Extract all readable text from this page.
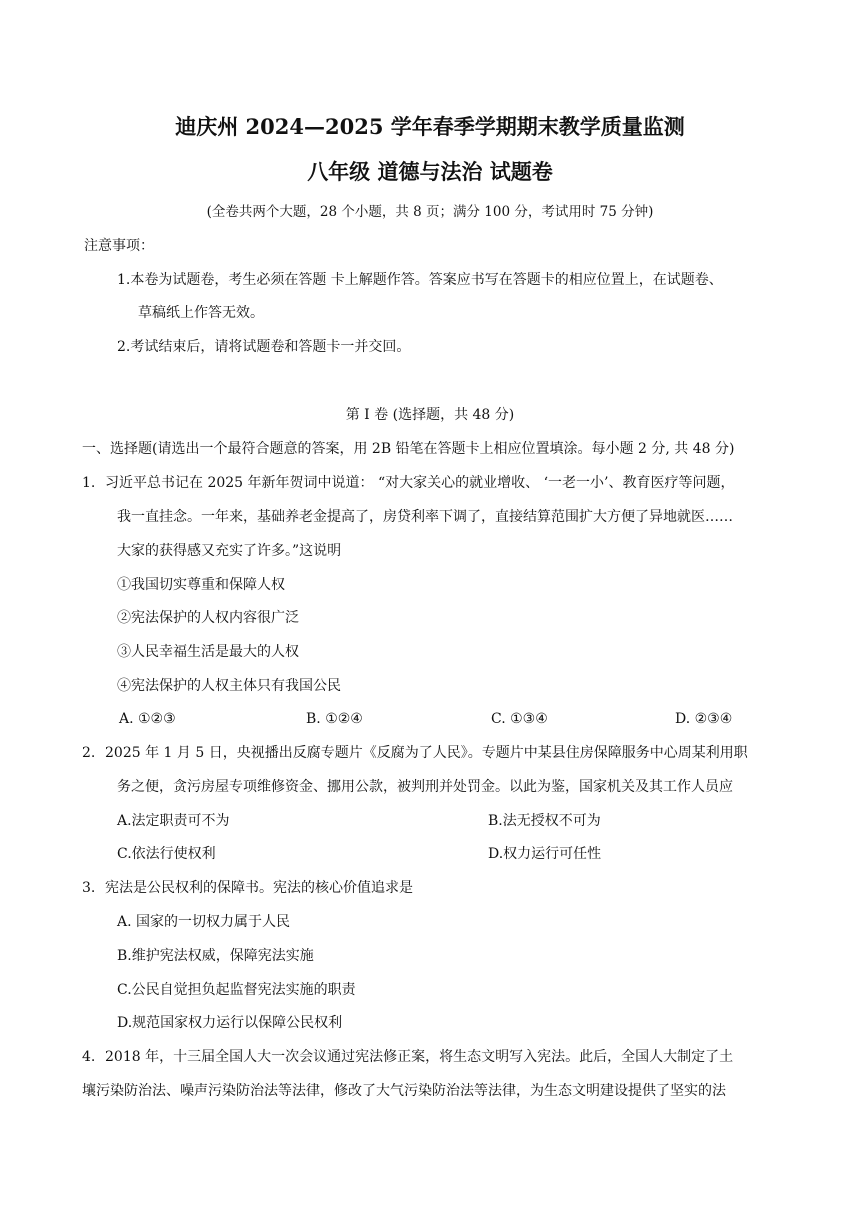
迪庆州 2024—2025 学年春季学期期末教学质量监测
八年级 道德与法治 试题卷
(全卷共两个大题，28 个小题，共 8 页；满分 100 分，考试用时 75 分钟)
注意事项：
1.本卷为试题卷，考生必须在答题 卡上解题作答。答案应书写在答题卡的相应位置上，在试题卷、
草稿纸上作答无效。
2.考试结束后，请将试题卷和答题卡一并交回。
第 I 卷 (选择题，共 48 分)
一、选择题(请选出一个最符合题意的答案，用 2B 铅笔在答题卡上相应位置填涂。每小题 2 分, 共 48 分)
1. 习近平总书记在 2025 年新年贺词中说道： “对大家关心的就业增收、 ‘一老一小’、教育医疗等问题，
我一直挂念。一年来，基础养老金提高了，房贷利率下调了，直接结算范围扩大方便了异地就医……
大家的获得感又充实了许多。”这说明
①我国切实尊重和保障人权
②宪法保护的人权内容很广泛
③人民幸福生活是最大的人权
④宪法保护的人权主体只有我国公民
A. ①②③	B. ①②④	C. ①③④	D. ②③④
2. 2025 年 1 月 5 日，央视播出反腐专题片《反腐为了人民》。专题片中某县住房保障服务中心周某利用职
务之便，贪污房屋专项维修资金、挪用公款，被判刑并处罚金。以此为鉴，国家机关及其工作人员应
A.法定职责可不为	B.法无授权不可为
C.依法行使权利	D.权力运行可任性
3. 宪法是公民权利的保障书。宪法的核心价值追求是
A. 国家的一切权力属于人民
B.维护宪法权威，保障宪法实施
C.公民自觉担负起监督宪法实施的职责
D.规范国家权力运行以保障公民权利
4. 2018 年，十三届全国人大一次会议通过宪法修正案，将生态文明写入宪法。此后，全国人大制定了土
壤污染防治法、噪声污染防治法等法律，修改了大气污染防治法等法律，为生态文明建设提供了坚实的法
